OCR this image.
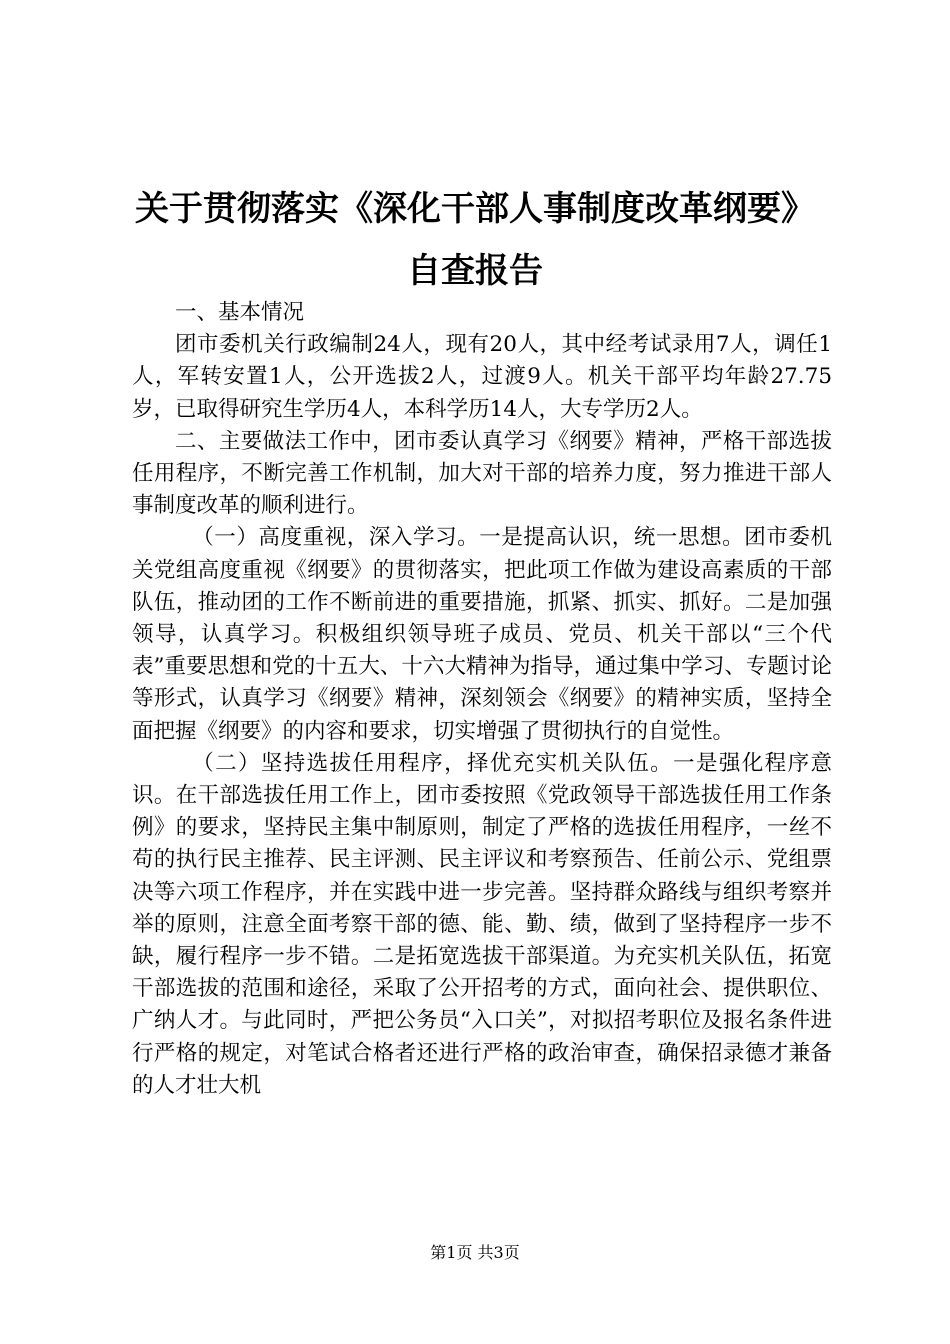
关于贯彻落实《深化干部人事制度改革纲要》
自查报告

一、基本情况

团市委机关行政编制24人，现有20人，其中经考试录用7人，调任1人，军转安置1人，公开选拔2人，过渡9人。机关干部平均年龄27.75岁，已取得研究生学历4人，本科学历14人，大专学历2人。

二、主要做法工作中，团市委认真学习《纲要》精神，严格干部选拔任用程序，不断完善工作机制，加大对干部的培养力度，努力推进干部人事制度改革的顺利进行。

（一）高度重视，深入学习。一是提高认识，统一思想。团市委机关党组高度重视《纲要》的贯彻落实，把此项工作做为建设高素质的干部队伍，推动团的工作不断前进的重要措施，抓紧、抓实、抓好。二是加强领导，认真学习。积极组织领导班子成员、党员、机关干部以“三个代表”重要思想和党的十五大、十六大精神为指导，通过集中学习、专题讨论等形式，认真学习《纲要》精神，深刻领会《纲要》的精神实质，坚持全面把握《纲要》的内容和要求，切实增强了贯彻执行的自觉性。

（二）坚持选拔任用程序，择优充实机关队伍。一是强化程序意识。在干部选拔任用工作上，团市委按照《党政领导干部选拔任用工作条例》的要求，坚持民主集中制原则，制定了严格的选拔任用程序，一丝不苟的执行民主推荐、民主评测、民主评议和考察预告、任前公示、党组票决等六项工作程序，并在实践中进一步完善。坚持群众路线与组织考察并举的原则，注意全面考察干部的德、能、勤、绩，做到了坚持程序一步不缺，履行程序一步不错。二是拓宽选拔干部渠道。为充实机关队伍，拓宽干部选拔的范围和途径，采取了公开招考的方式，面向社会、提供职位、广纳人才。与此同时，严把公务员“入口关”，对拟招考职位及报名条件进行严格的规定，对笔试合格者还进行严格的政治审查，确保招录德才兼备的人才壮大机

第1页 共3页
